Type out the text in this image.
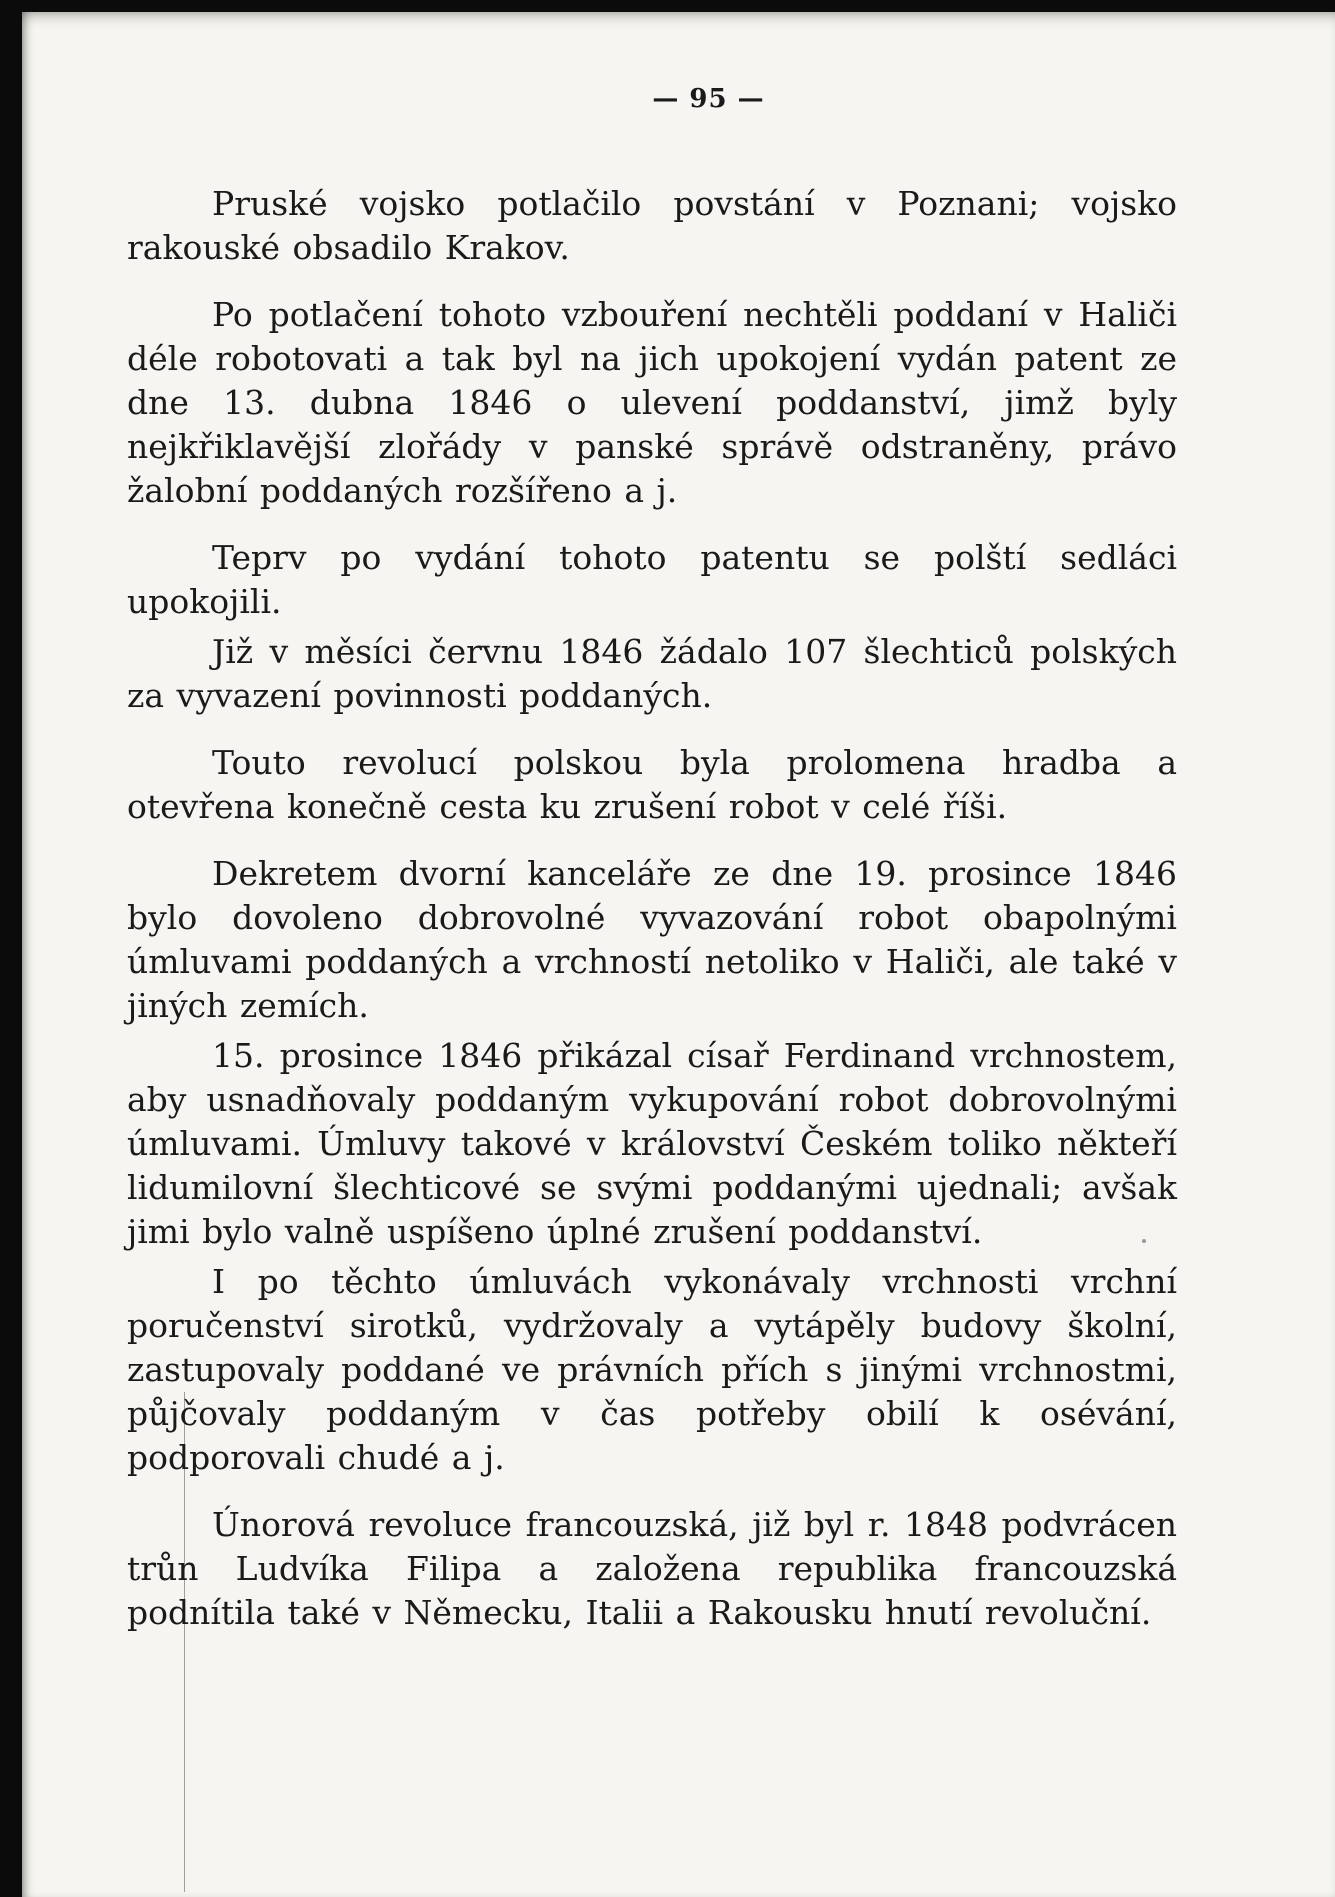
— 95 —

Pruské vojsko potlačilo povstání v Poznani; vojsko rakouské obsadilo Krakov.

Po potlačení tohoto vzbouření nechtěli poddaní v Haliči déle robotovati a tak byl na jich upokojení vydán patent ze dne 13. dubna 1846 o ulevení poddanství, jimž byly nejkřiklavější zlořády v panské správě odstraněny, právo žalobní poddaných rozšířeno a j.

Teprv po vydání tohoto patentu se polští sedláci upokojili.

Již v měsíci červnu 1846 žádalo 107 šlechticů polských za vyvazení povinnosti poddaných.

Touto revolucí polskou byla prolomena hradba a otevřena konečně cesta ku zrušení robot v celé říši.

Dekretem dvorní kanceláře ze dne 19. prosince 1846 bylo dovoleno dobrovolné vyvazování robot obapolnými úmluvami poddaných a vrchností netoliko v Haliči, ale také v jiných zemích.

15. prosince 1846 přikázal císař Ferdinand vrchnostem, aby usnadňovaly poddaným vykupování robot dobrovolnými úmluvami. Úmluvy takové v království Českém toliko někteří lidumilovní šlechticové se svými poddanými ujednali; avšak jimi bylo valně uspíšeno úplné zrušení poddanství.

I po těchto úmluvách vykonávaly vrchnosti vrchní poručenství sirotků, vydržovaly a vytápěly budovy školní, zastupovaly poddané ve právních přích s jinými vrchnostmi, půjčovaly poddaným v čas potřeby obilí k osévání, podporovali chudé a j.

Únorová revoluce francouzská, již byl r. 1848 podvrácen trůn Ludvíka Filipa a založena republika francouzská podnítila také v Německu, Italii a Rakousku hnutí revoluční.
